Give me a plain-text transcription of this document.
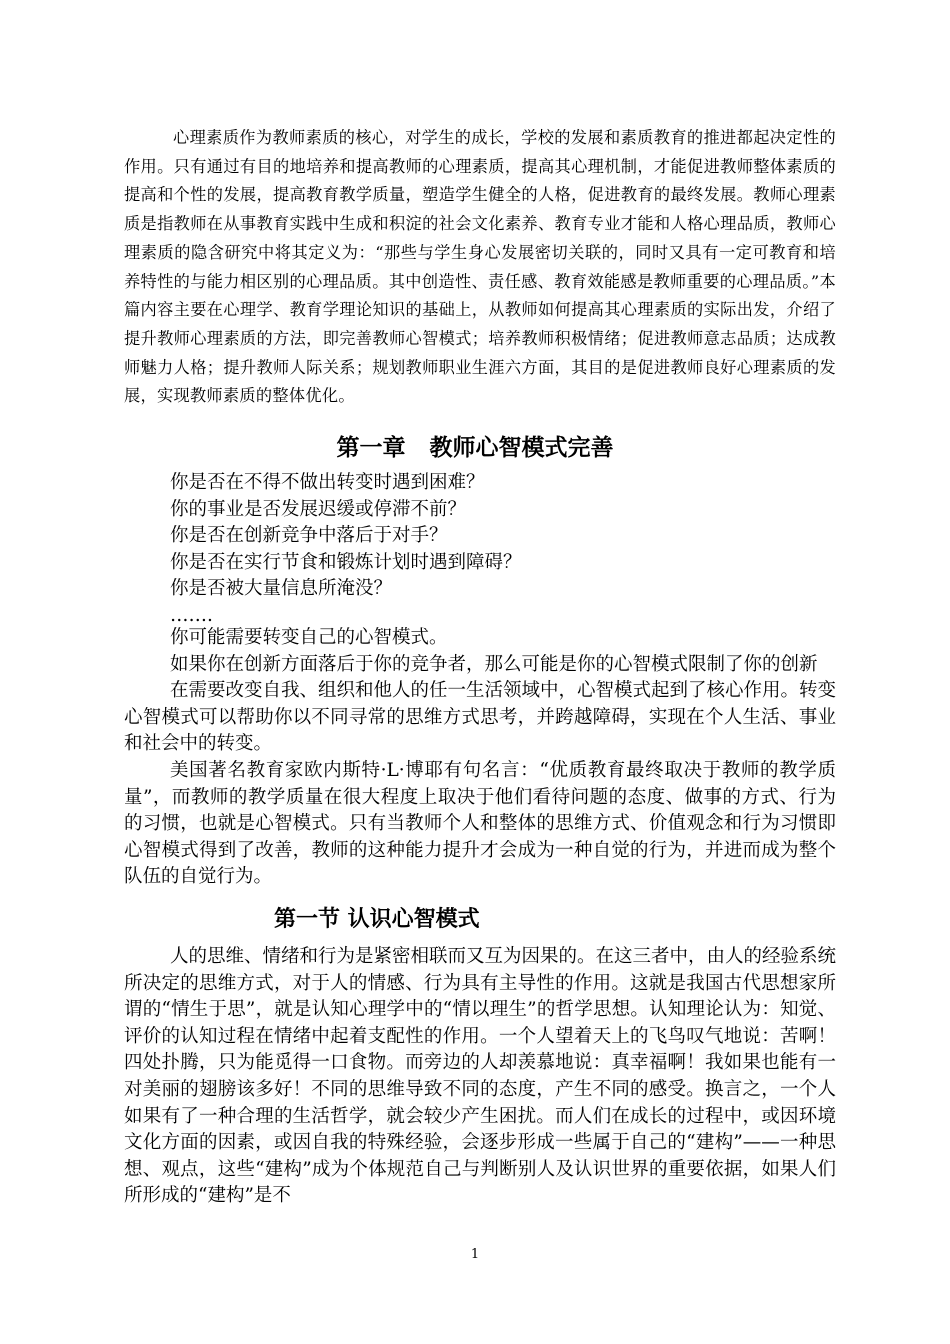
心理素质作为教师素质的核心，对学生的成长，学校的发展和素质教育的推进都起决定性的作用。只有通过有目的地培养和提高教师的心理素质，提高其心理机制，才能促进教师整体素质的提高和个性的发展，提高教育教学质量，塑造学生健全的人格，促进教育的最终发展。教师心理素质是指教师在从事教育实践中生成和积淀的社会文化素养、教育专业才能和人格心理品质，教师心理素质的隐含研究中将其定义为：“那些与学生身心发展密切关联的，同时又具有一定可教育和培养特性的与能力相区别的心理品质。其中创造性、责任感、教育效能感是教师重要的心理品质。”本篇内容主要在心理学、教育学理论知识的基础上，从教师如何提高其心理素质的实际出发，介绍了提升教师心理素质的方法，即完善教师心智模式；培养教师积极情绪；促进教师意志品质；达成教师魅力人格；提升教师人际关系；规划教师职业生涯六方面，其目的是促进教师良好心理素质的发展，实现教师素质的整体优化。

第一章   教师心智模式完善
你是否在不得不做出转变时遇到困难？
你的事业是否发展迟缓或停滞不前？
你是否在创新竞争中落后于对手？
你是否在实行节食和锻炼计划时遇到障碍？
你是否被大量信息所淹没？
…….

你可能需要转变自己的心智模式。

如果你在创新方面落后于你的竞争者，那么可能是你的心智模式限制了你的创新

在需要改变自我、组织和他人的任一生活领域中，心智模式起到了核心作用。转变心智模式可以帮助你以不同寻常的思维方式思考，并跨越障碍，实现在个人生活、事业和社会中的转变。

美国著名教育家欧内斯特·L·博耶有句名言：“优质教育最终取决于教师的教学质量”，而教师的教学质量在很大程度上取决于他们看待问题的态度、做事的方式、行为的习惯，也就是心智模式。只有当教师个人和整体的思维方式、价值观念和行为习惯即心智模式得到了改善，教师的这种能力提升才会成为一种自觉的行为，并进而成为整个队伍的自觉行为。

第一节 认识心智模式

人的思维、情绪和行为是紧密相联而又互为因果的。在这三者中，由人的经验系统所决定的思维方式，对于人的情感、行为具有主导性的作用。这就是我国古代思想家所谓的“情生于思”，就是认知心理学中的“情以理生”的哲学思想。认知理论认为：知觉、评价的认知过程在情绪中起着支配性的作用。一个人望着天上的飞鸟叹气地说：苦啊！四处扑腾，只为能觅得一口食物。而旁边的人却羡慕地说：真幸福啊！我如果也能有一对美丽的翅膀该多好！不同的思维导致不同的态度，产生不同的感受。换言之，一个人如果有了一种合理的生活哲学，就会较少产生困扰。而人们在成长的过程中，或因环境文化方面的因素，或因自我的特殊经验，会逐步形成一些属于自己的“建构”——一种思想、观点，这些“建构”成为个体规范自己与判断别人及认识世界的重要依据，如果人们所形成的“建构”是不

1
